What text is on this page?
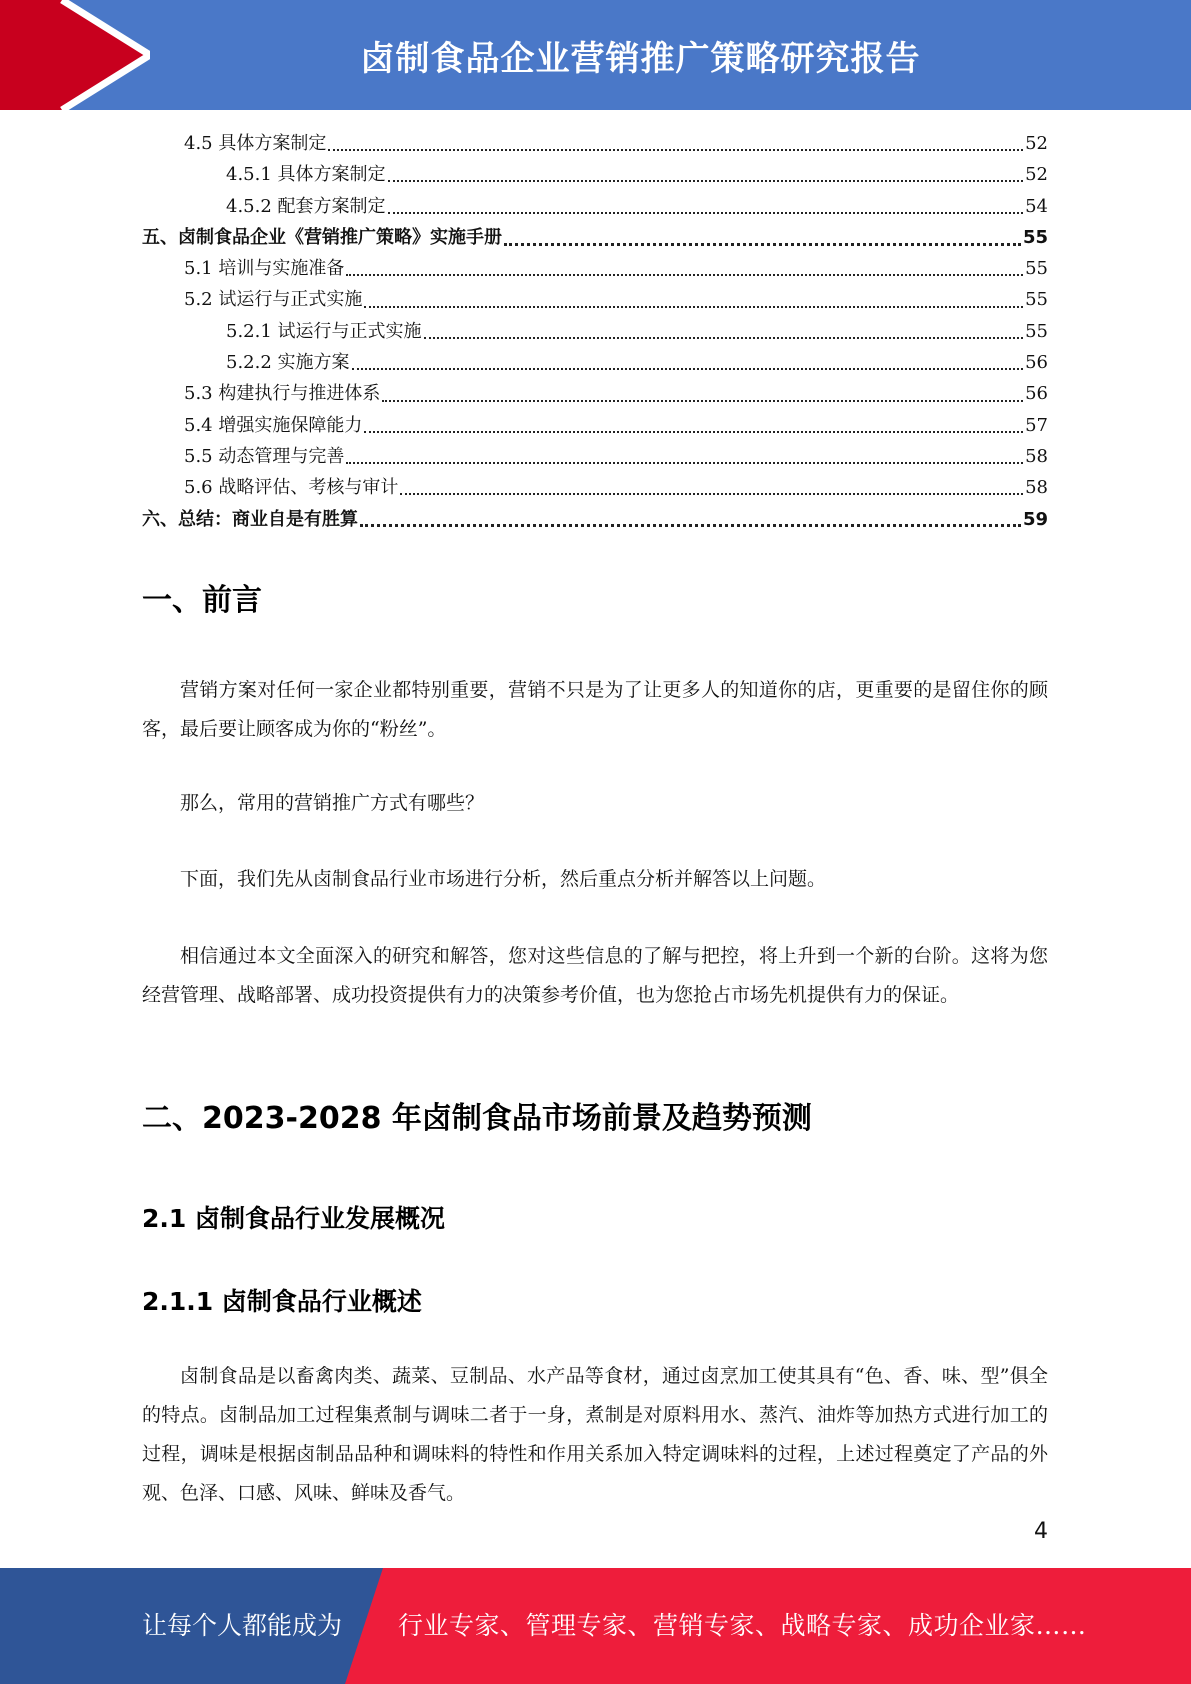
卤制食品企业营销推广策略研究报告
4.5 具体方案制定	52
4.5.1 具体方案制定	52
4.5.2 配套方案制定	54
五、卤制食品企业《营销推广策略》实施手册	55
5.1 培训与实施准备	55
5.2 试运行与正式实施	55
5.2.1 试运行与正式实施	55
5.2.2 实施方案	56
5.3 构建执行与推进体系	56
5.4 增强实施保障能力	57
5.5 动态管理与完善	58
5.6 战略评估、考核与审计	58
六、总结：商业自是有胜算	59
一、前言

营销方案对任何一家企业都特别重要，营销不只是为了让更多人的知道你的店，更重要的是留住你的顾客，最后要让顾客成为你的“粉丝”。

那么，常用的营销推广方式有哪些？

下面，我们先从卤制食品行业市场进行分析，然后重点分析并解答以上问题。

相信通过本文全面深入的研究和解答，您对这些信息的了解与把控，将上升到一个新的台阶。这将为您经营管理、战略部署、成功投资提供有力的决策参考价值，也为您抢占市场先机提供有力的保证。

二、2023-2028 年卤制食品市场前景及趋势预测
2.1 卤制食品行业发展概况
2.1.1 卤制食品行业概述

卤制食品是以畜禽肉类、蔬菜、豆制品、水产品等食材，通过卤烹加工使其具有“色、香、味、型”俱全的特点。卤制品加工过程集煮制与调味二者于一身，煮制是对原料用水、蒸汽、油炸等加热方式进行加工的过程，调味是根据卤制品品种和调味料的特性和作用关系加入特定调味料的过程，上述过程奠定了产品的外观、色泽、口感、风味、鲜味及香气。

4
让每个人都能成为 行业专家、管理专家、营销专家、战略专家、成功企业家……
